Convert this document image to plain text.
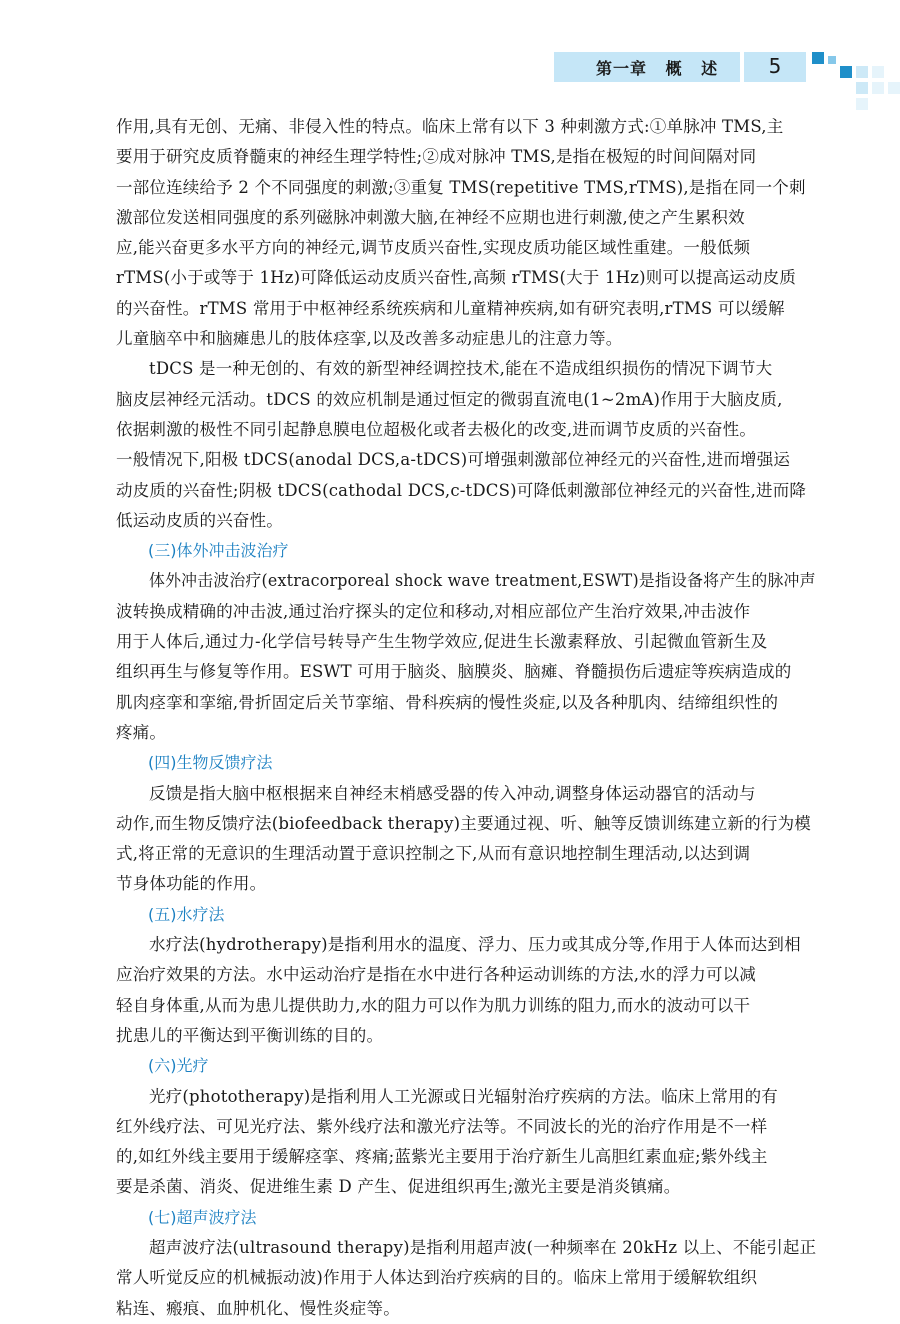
第一章 概 述	5
作用,具有无创、无痛、非侵入性的特点。临床上常有以下 3 种刺激方式:①单脉冲 TMS,主
要用于研究皮质脊髓束的神经生理学特性;②成对脉冲 TMS,是指在极短的时间间隔对同
一部位连续给予 2 个不同强度的刺激;③重复 TMS(repetitive TMS,rTMS),是指在同一个刺
激部位发送相同强度的系列磁脉冲刺激大脑,在神经不应期也进行刺激,使之产生累积效
应,能兴奋更多水平方向的神经元,调节皮质兴奋性,实现皮质功能区域性重建。一般低频
rTMS(小于或等于 1Hz)可降低运动皮质兴奋性,高频 rTMS(大于 1Hz)则可以提高运动皮质
的兴奋性。rTMS 常用于中枢神经系统疾病和儿童精神疾病,如有研究表明,rTMS 可以缓解
儿童脑卒中和脑瘫患儿的肢体痉挛,以及改善多动症患儿的注意力等。
tDCS 是一种无创的、有效的新型神经调控技术,能在不造成组织损伤的情况下调节大
脑皮层神经元活动。tDCS 的效应机制是通过恒定的微弱直流电(1~2mA)作用于大脑皮质,
依据刺激的极性不同引起静息膜电位超极化或者去极化的改变,进而调节皮质的兴奋性。
一般情况下,阳极 tDCS(anodal DCS,a-tDCS)可增强刺激部位神经元的兴奋性,进而增强运
动皮质的兴奋性;阴极 tDCS(cathodal DCS,c-tDCS)可降低刺激部位神经元的兴奋性,进而降
低运动皮质的兴奋性。
(三)体外冲击波治疗
体外冲击波治疗(extracorporeal shock wave treatment,ESWT)是指设备将产生的脉冲声
波转换成精确的冲击波,通过治疗探头的定位和移动,对相应部位产生治疗效果,冲击波作
用于人体后,通过力-化学信号转导产生生物学效应,促进生长激素释放、引起微血管新生及
组织再生与修复等作用。ESWT 可用于脑炎、脑膜炎、脑瘫、脊髓损伤后遗症等疾病造成的
肌肉痉挛和挛缩,骨折固定后关节挛缩、骨科疾病的慢性炎症,以及各种肌肉、结缔组织性的
疼痛。
(四)生物反馈疗法
反馈是指大脑中枢根据来自神经末梢感受器的传入冲动,调整身体运动器官的活动与
动作,而生物反馈疗法(biofeedback therapy)主要通过视、听、触等反馈训练建立新的行为模
式,将正常的无意识的生理活动置于意识控制之下,从而有意识地控制生理活动,以达到调
节身体功能的作用。
(五)水疗法
水疗法(hydrotherapy)是指利用水的温度、浮力、压力或其成分等,作用于人体而达到相
应治疗效果的方法。水中运动治疗是指在水中进行各种运动训练的方法,水的浮力可以减
轻自身体重,从而为患儿提供助力,水的阻力可以作为肌力训练的阻力,而水的波动可以干
扰患儿的平衡达到平衡训练的目的。
(六)光疗
光疗(phototherapy)是指利用人工光源或日光辐射治疗疾病的方法。临床上常用的有
红外线疗法、可见光疗法、紫外线疗法和激光疗法等。不同波长的光的治疗作用是不一样
的,如红外线主要用于缓解痉挛、疼痛;蓝紫光主要用于治疗新生儿高胆红素血症;紫外线主
要是杀菌、消炎、促进维生素 D 产生、促进组织再生;激光主要是消炎镇痛。
(七)超声波疗法
超声波疗法(ultrasound therapy)是指利用超声波(一种频率在 20kHz 以上、不能引起正
常人听觉反应的机械振动波)作用于人体达到治疗疾病的目的。临床上常用于缓解软组织
粘连、瘢痕、血肿机化、慢性炎症等。
